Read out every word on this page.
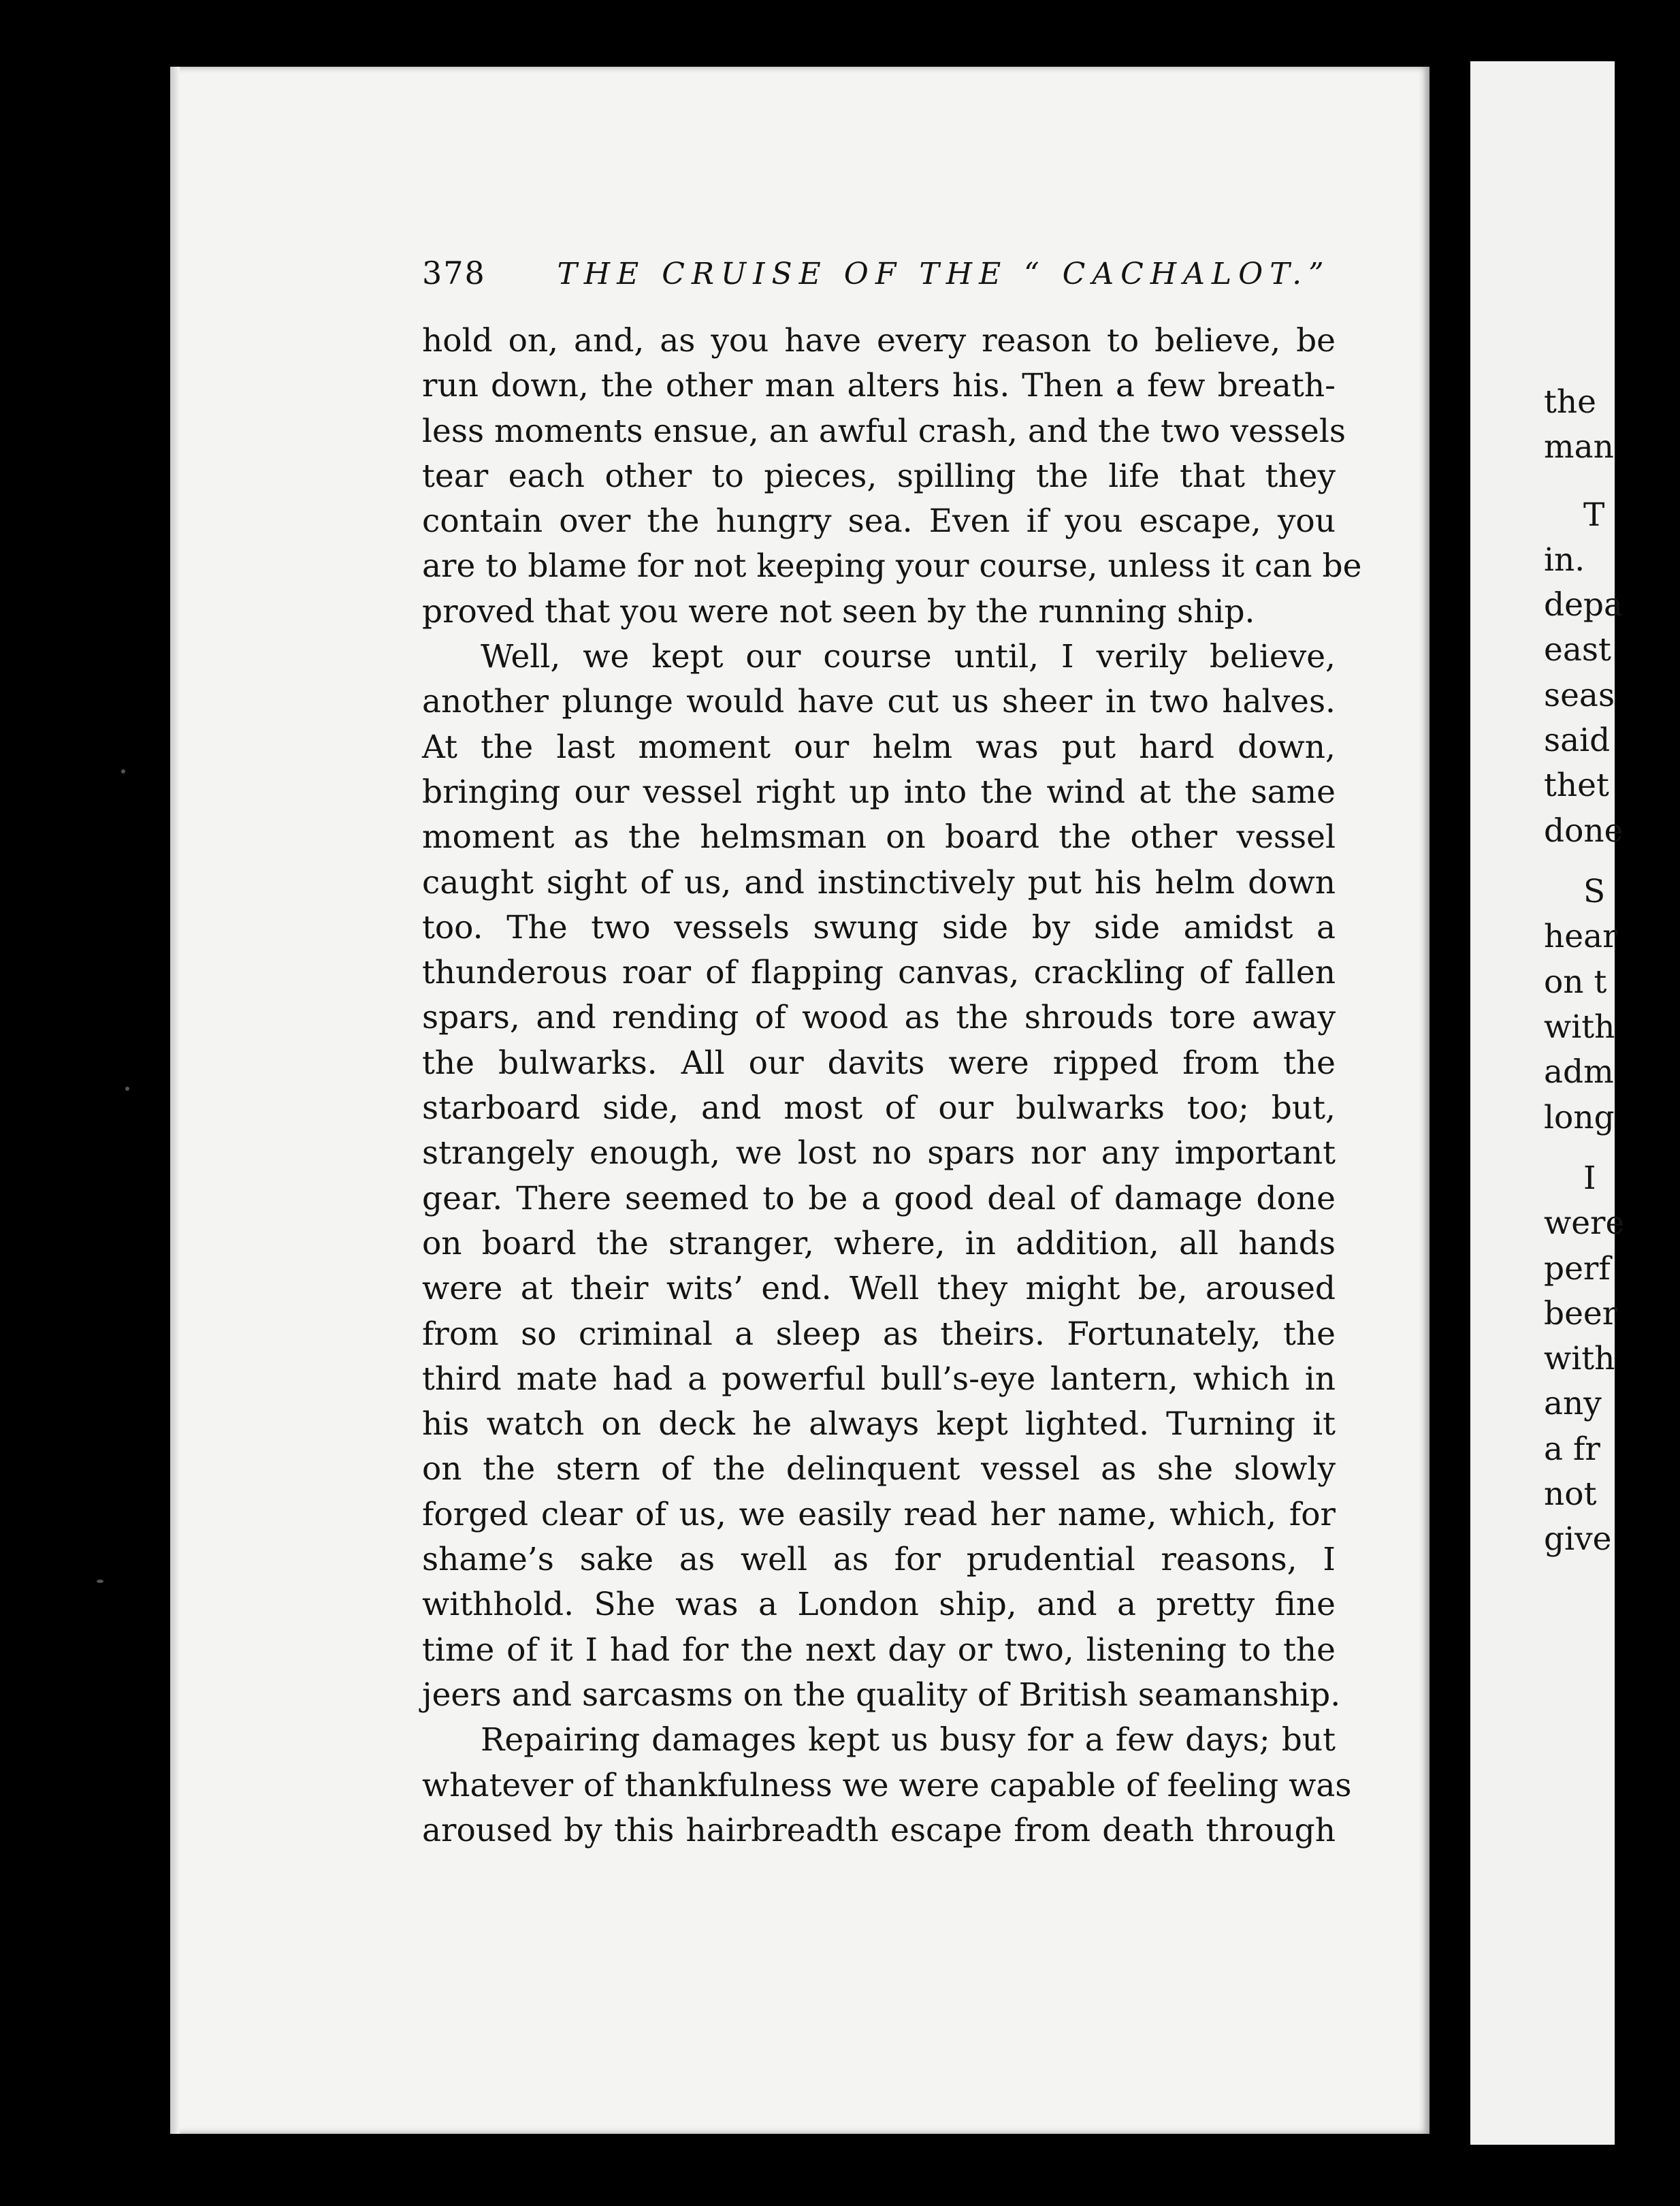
the
man
T
in.
depa
east
seas
said
thet
done
S
hear
on t
with
adm
long
I
were
perf
beer
with
any
a fr
not
give
378 THE CRUISE OF THE “ CACHALOT.”
hold on, and, as you have every reason to believe, be
run down, the other man alters his. Then a few breath-
less moments ensue, an awful crash, and the two vessels
tear each other to pieces, spilling the life that they
contain over the hungry sea. Even if you escape, you
are to blame for not keeping your course, unless it can be
proved that you were not seen by the running ship.
Well, we kept our course until, I verily believe,
another plunge would have cut us sheer in two halves.
At the last moment our helm was put hard down,
bringing our vessel right up into the wind at the same
moment as the helmsman on board the other vessel
caught sight of us, and instinctively put his helm down
too. The two vessels swung side by side amidst a
thunderous roar of flapping canvas, crackling of fallen
spars, and rending of wood as the shrouds tore away
the bulwarks. All our davits were ripped from the
starboard side, and most of our bulwarks too; but,
strangely enough, we lost no spars nor any important
gear. There seemed to be a good deal of damage done
on board the stranger, where, in addition, all hands
were at their wits’ end. Well they might be, aroused
from so criminal a sleep as theirs. Fortunately, the
third mate had a powerful bull’s-eye lantern, which in
his watch on deck he always kept lighted. Turning it
on the stern of the delinquent vessel as she slowly
forged clear of us, we easily read her name, which, for
shame’s sake as well as for prudential reasons, I
withhold. She was a London ship, and a pretty fine
time of it I had for the next day or two, listening to the
jeers and sarcasms on the quality of British seamanship.
Repairing damages kept us busy for a few days; but
whatever of thankfulness we were capable of feeling was
aroused by this hairbreadth escape from death through
